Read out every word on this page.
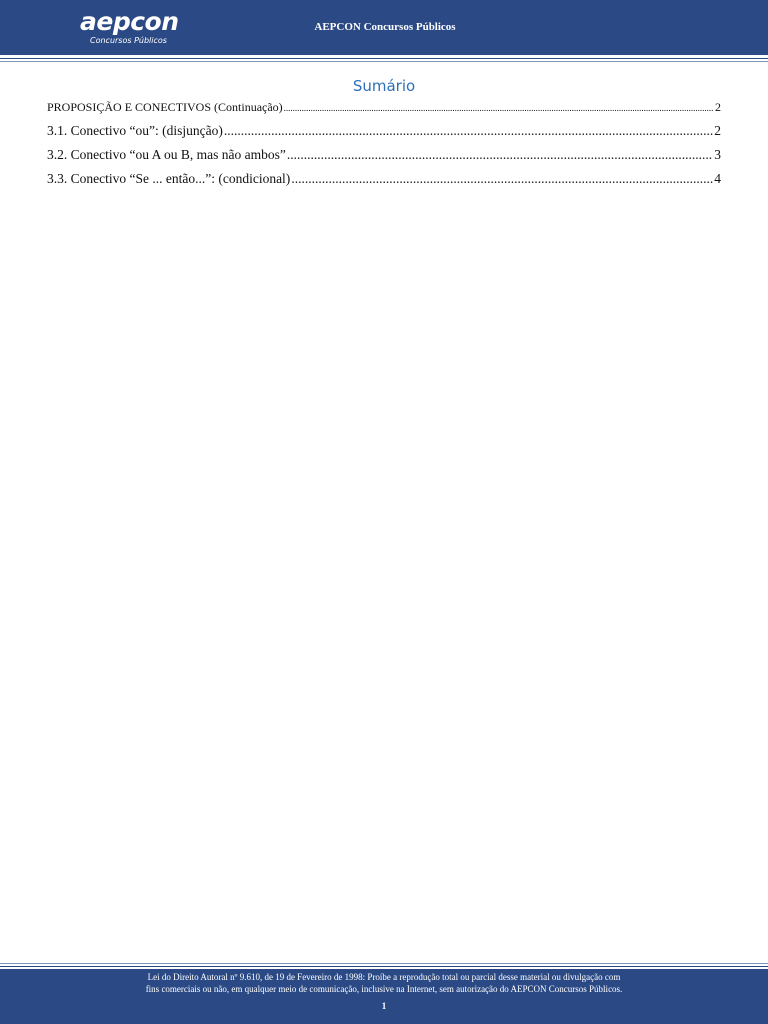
aepcon
Concursos Públicos
AEPCON Concursos Públicos
Sumário
PROPOSIÇÃO E CONECTIVOS (Continuação) .....	2
3.1. Conectivo “ou”: (disjunção) .....	2
3.2. Conectivo “ou A ou B, mas não ambos” .....	3
3.3. Conectivo “Se ... então...”: (condicional) .....	4
Lei do Direito Autoral nº 9.610, de 19 de Fevereiro de 1998: Proíbe a reprodução total ou parcial desse material ou divulgação com
fins comerciais ou não, em qualquer meio de comunicação, inclusive na Internet, sem autorização do AEPCON Concursos Públicos.
1
